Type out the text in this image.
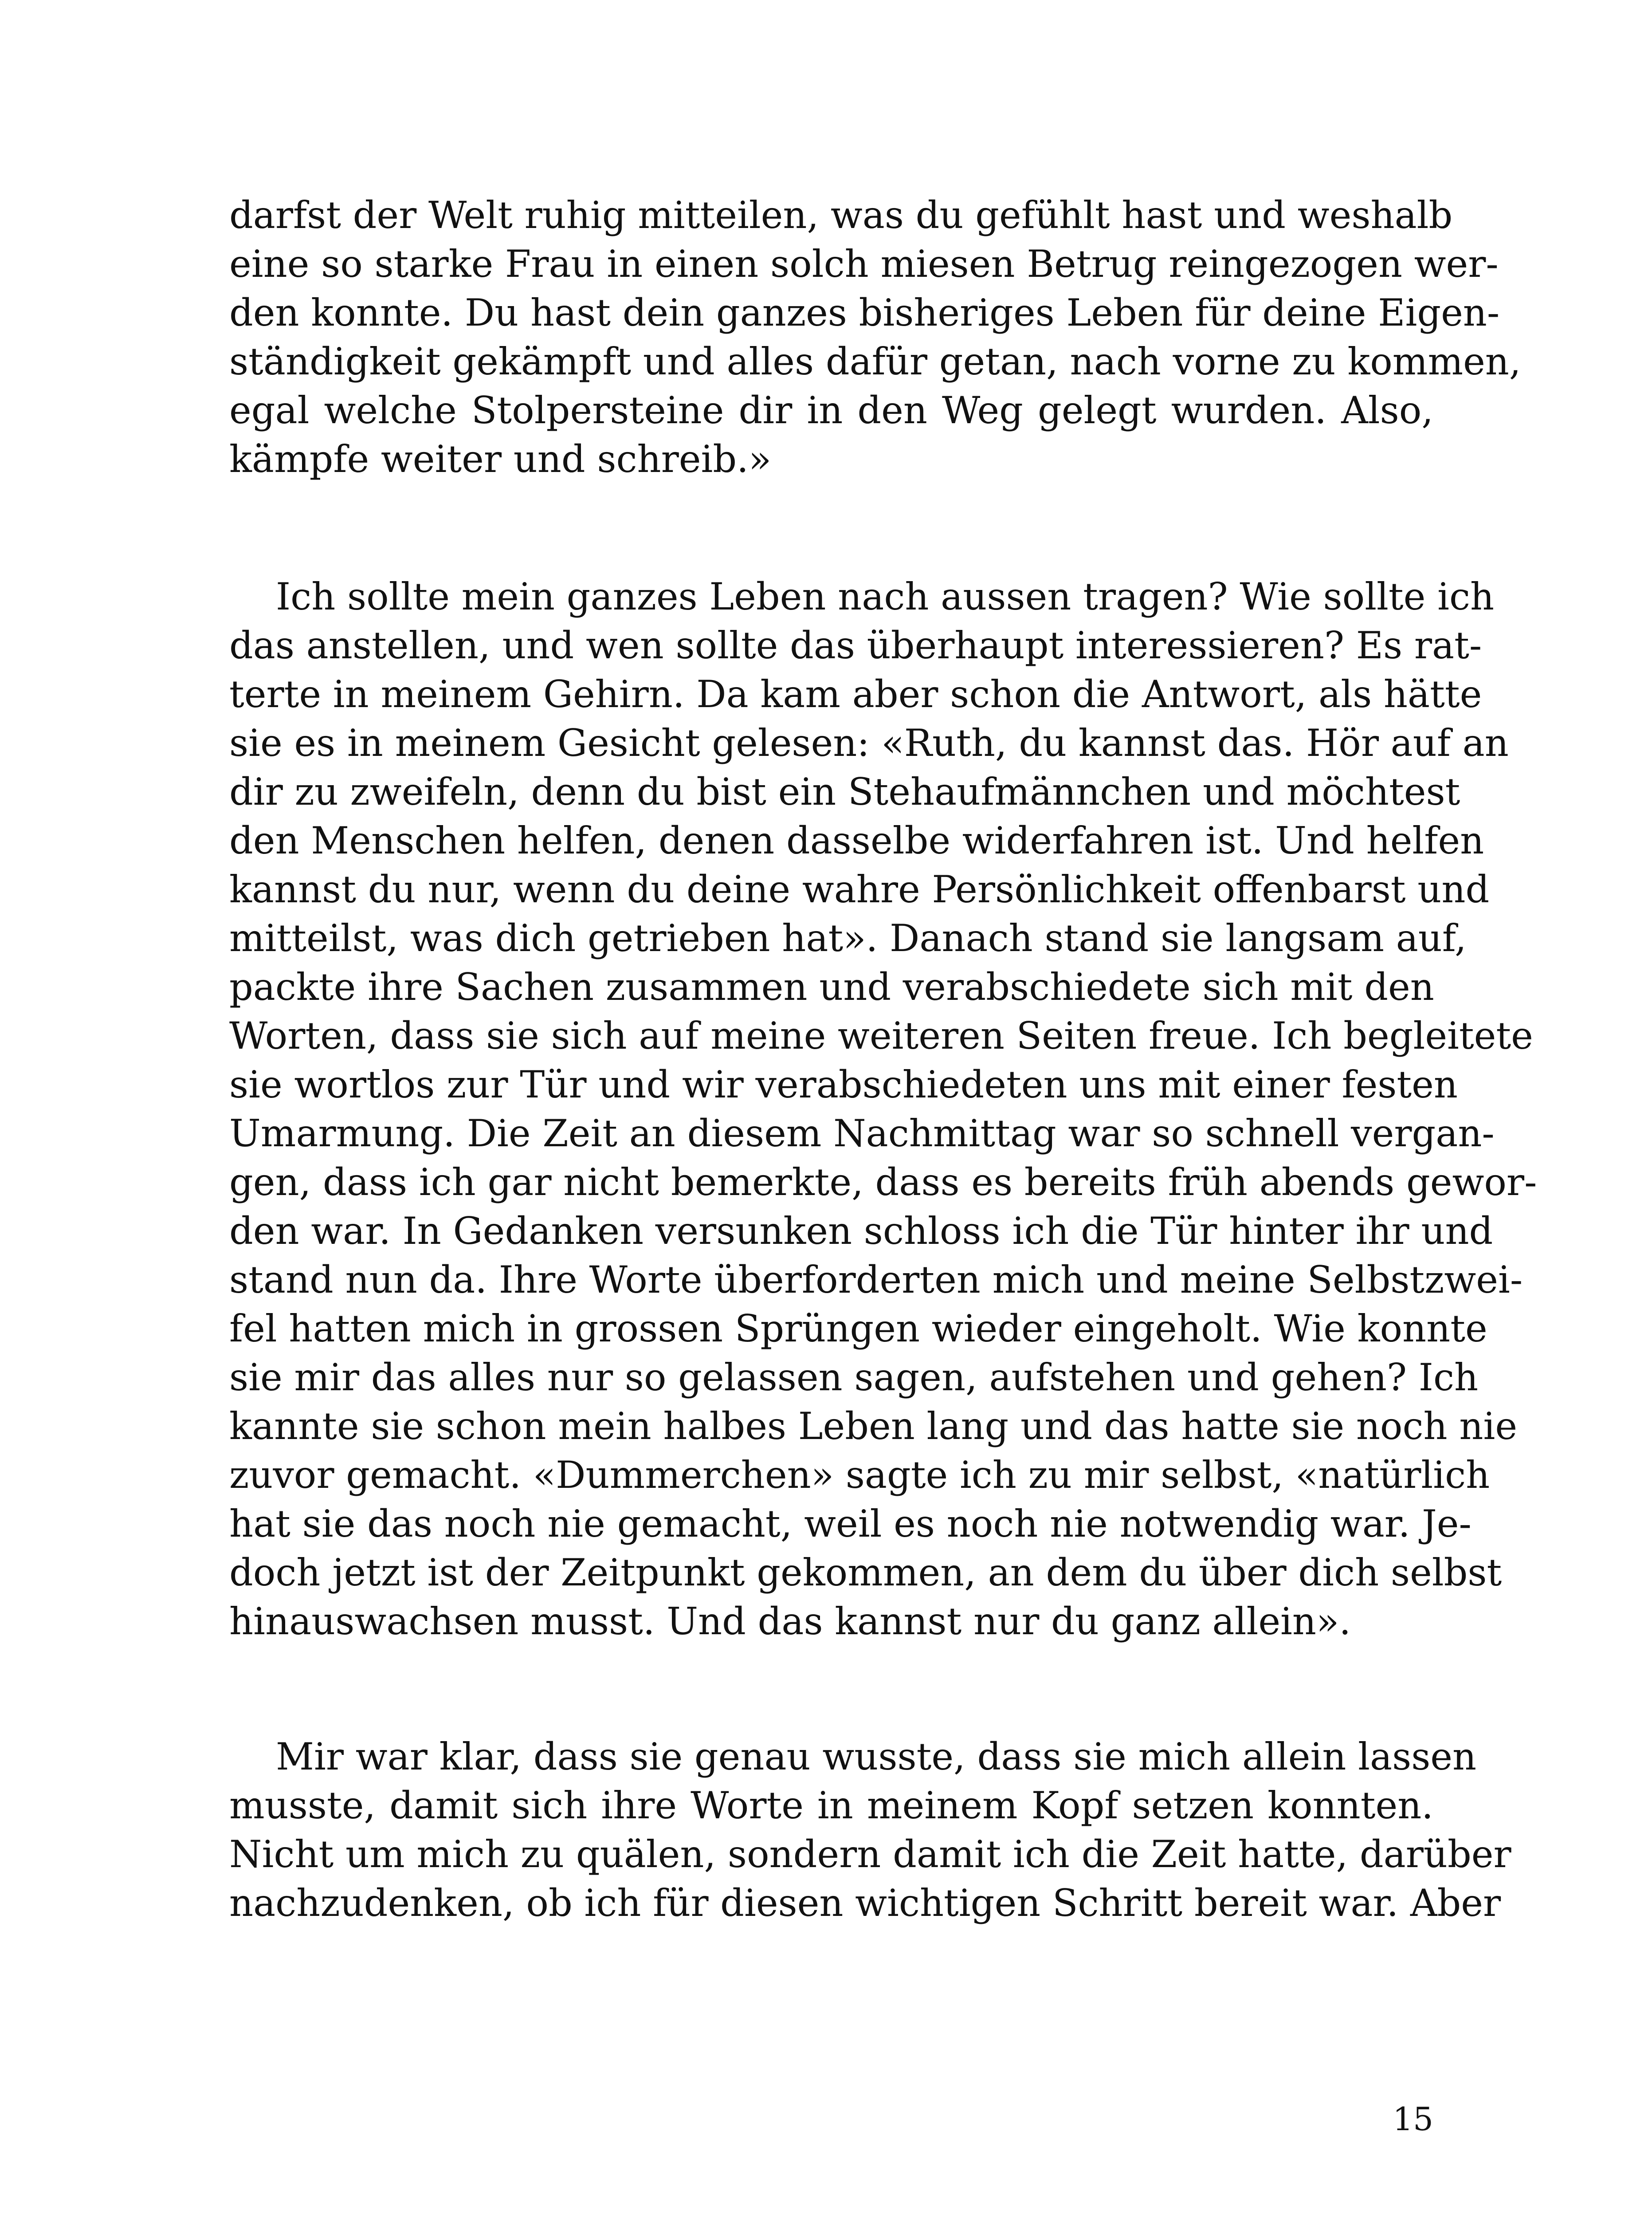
darfst der Welt ruhig mitteilen, was du gefühlt hast und weshalb
eine so starke Frau in einen solch miesen Betrug reingezogen wer-
den konnte. Du hast dein ganzes bisheriges Leben für deine Eigen-
ständigkeit gekämpft und alles dafür getan, nach vorne zu kommen,
egal welche Stolpersteine dir in den Weg gelegt wurden. Also,
kämpfe weiter und schreib.»
Ich sollte mein ganzes Leben nach aussen tragen? Wie sollte ich
das anstellen, und wen sollte das überhaupt interessieren? Es rat-
terte in meinem Gehirn. Da kam aber schon die Antwort, als hätte
sie es in meinem Gesicht gelesen: «Ruth, du kannst das. Hör auf an
dir zu zweifeln, denn du bist ein Stehaufmännchen und möchtest
den Menschen helfen, denen dasselbe widerfahren ist. Und helfen
kannst du nur, wenn du deine wahre Persönlichkeit offenbarst und
mitteilst, was dich getrieben hat». Danach stand sie langsam auf,
packte ihre Sachen zusammen und verabschiedete sich mit den
Worten, dass sie sich auf meine weiteren Seiten freue. Ich begleitete
sie wortlos zur Tür und wir verabschiedeten uns mit einer festen
Umarmung. Die Zeit an diesem Nachmittag war so schnell vergan-
gen, dass ich gar nicht bemerkte, dass es bereits früh abends gewor-
den war. In Gedanken versunken schloss ich die Tür hinter ihr und
stand nun da. Ihre Worte überforderten mich und meine Selbstzwei-
fel hatten mich in grossen Sprüngen wieder eingeholt. Wie konnte
sie mir das alles nur so gelassen sagen, aufstehen und gehen? Ich
kannte sie schon mein halbes Leben lang und das hatte sie noch nie
zuvor gemacht. «Dummerchen» sagte ich zu mir selbst, «natürlich
hat sie das noch nie gemacht, weil es noch nie notwendig war. Je-
doch jetzt ist der Zeitpunkt gekommen, an dem du über dich selbst
hinauswachsen musst. Und das kannst nur du ganz allein».
Mir war klar, dass sie genau wusste, dass sie mich allein lassen
musste, damit sich ihre Worte in meinem Kopf setzen konnten.
Nicht um mich zu quälen, sondern damit ich die Zeit hatte, darüber
nachzudenken, ob ich für diesen wichtigen Schritt bereit war. Aber
15
